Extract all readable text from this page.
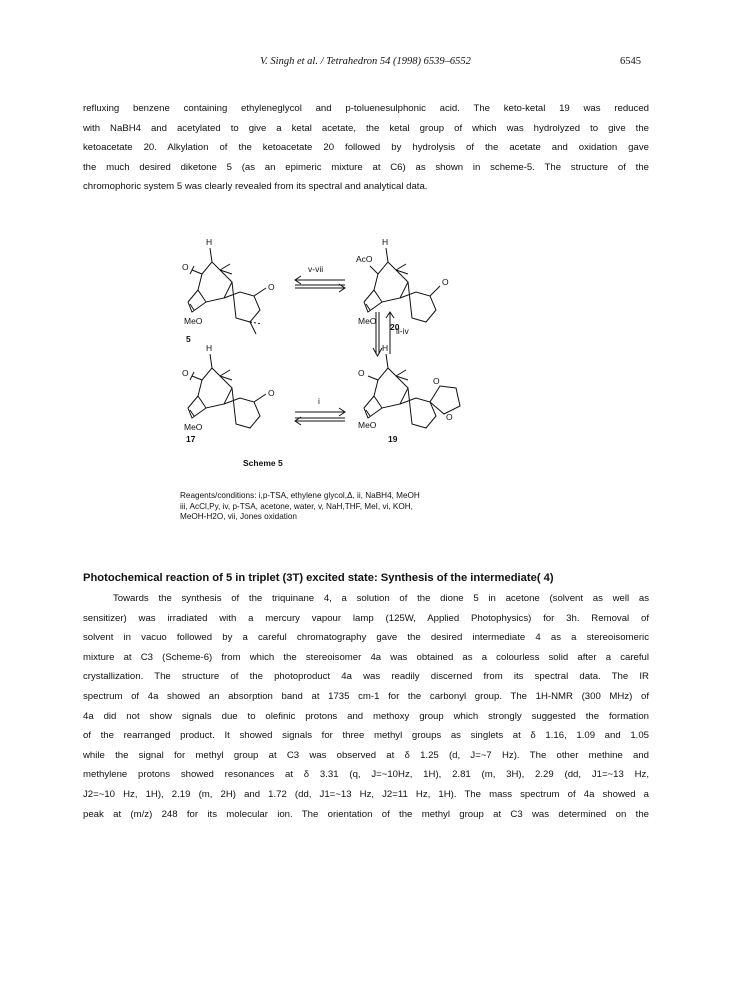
V. Singh et al. / Tetrahedron 54 (1998) 6539–6552	6545
refluxing benzene containing ethyleneglycol and p-toluenesulphonic acid. The keto-ketal 19 was reduced
with NaBH4 and acetylated to give a ketal acetate, the ketal group of which was hydrolyzed to give the
ketoacetate 20. Alkylation of the ketoacetate 20 followed by hydrolysis of the acetate and oxidation gave
the much desired diketone 5 (as an epimeric mixture at C6) as shown in scheme-5. The structure of the
chromophoric system 5 was clearly revealed from its spectral and analytical data.
H
O
O
MeO
5
v-vii
AcO
H
O
MeO
20
ii-iv
H
O
O
MeO
17
i
H
O
O
O
MeO
19
Scheme 5
Reagents/conditions: i,p-TSA, ethylene glycol,Δ, ii, NaBH4, MeOH
iii, AcCl,Py, iv, p-TSA, acetone, water, v, NaH,THF, MeI, vi, KOH,
MeOH-H2O, vii, Jones oxidation
Photochemical reaction of 5 in triplet (3T) excited state: Synthesis of the intermediate( 4)
Towards the synthesis of the triquinane 4, a solution of the dione 5 in acetone (solvent as well as
sensitizer) was irradiated with a mercury vapour lamp (125W, Applied Photophysics) for 3h. Removal of
solvent in vacuo followed by a careful chromatography gave the desired intermediate 4 as a stereoisomeric
mixture at C3 (Scheme-6) from which the stereoisomer 4a was obtained as a colourless solid after a careful
crystallization. The structure of the photoproduct 4a was readily discerned from its spectral data. The IR
spectrum of 4a showed an absorption band at 1735 cm-1 for the carbonyl group. The 1H-NMR (300 MHz) of
4a did not show signals due to olefinic protons and methoxy group which strongly suggested the formation
of the rearranged product. It showed signals for three methyl groups as singlets at δ 1.16, 1.09 and 1.05
while the signal for methyl group at C3 was observed at δ 1.25 (d, J=~7 Hz). The other methine and
methylene protons showed resonances at δ 3.31 (q, J=~10Hz, 1H), 2.81 (m, 3H), 2.29 (dd, J1=~13 Hz,
J2=~10 Hz, 1H), 2.19 (m, 2H) and 1.72 (dd, J1=~13 Hz, J2=11 Hz, 1H). The mass spectrum of 4a showed a
peak at (m/z) 248 for its molecular ion. The orientation of the methyl group at C3 was determined on the
